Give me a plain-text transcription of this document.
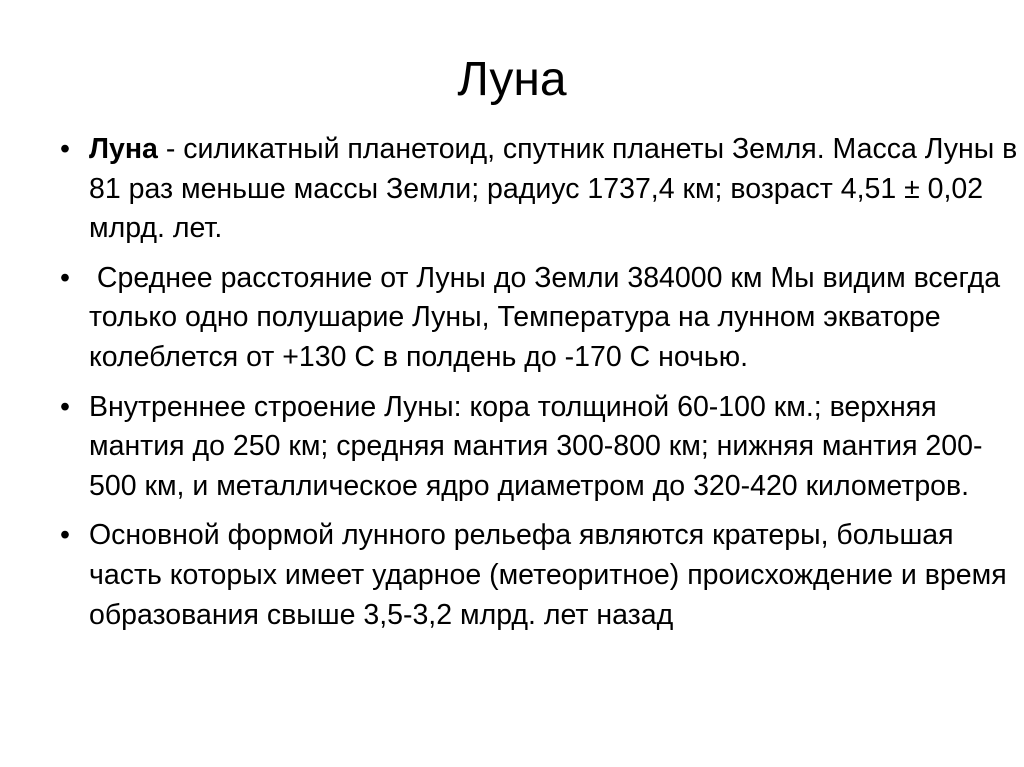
Луна
• Луна - силикатный планетоид, спутник планеты Земля. Масса Луны в 81 раз меньше массы Земли; радиус 1737,4 км; возраст 4,51 ± 0,02 млрд. лет.
• Среднее расстояние от Луны до Земли 384000 км Мы видим всегда только одно полушарие Луны, Температура на лунном экваторе колеблется от +130 С в полдень до -170 С ночью.
• Внутреннее строение Луны: кора толщиной 60-100 км.; верхняя мантия до 250 км; средняя мантия 300-800 км; нижняя мантия 200-500 км, и металлическое ядро диаметром до 320-420 километров.
• Основной формой лунного рельефа являются кратеры, большая часть которых имеет ударное (метеоритное) происхождение и время образования свыше 3,5-3,2 млрд. лет назад
